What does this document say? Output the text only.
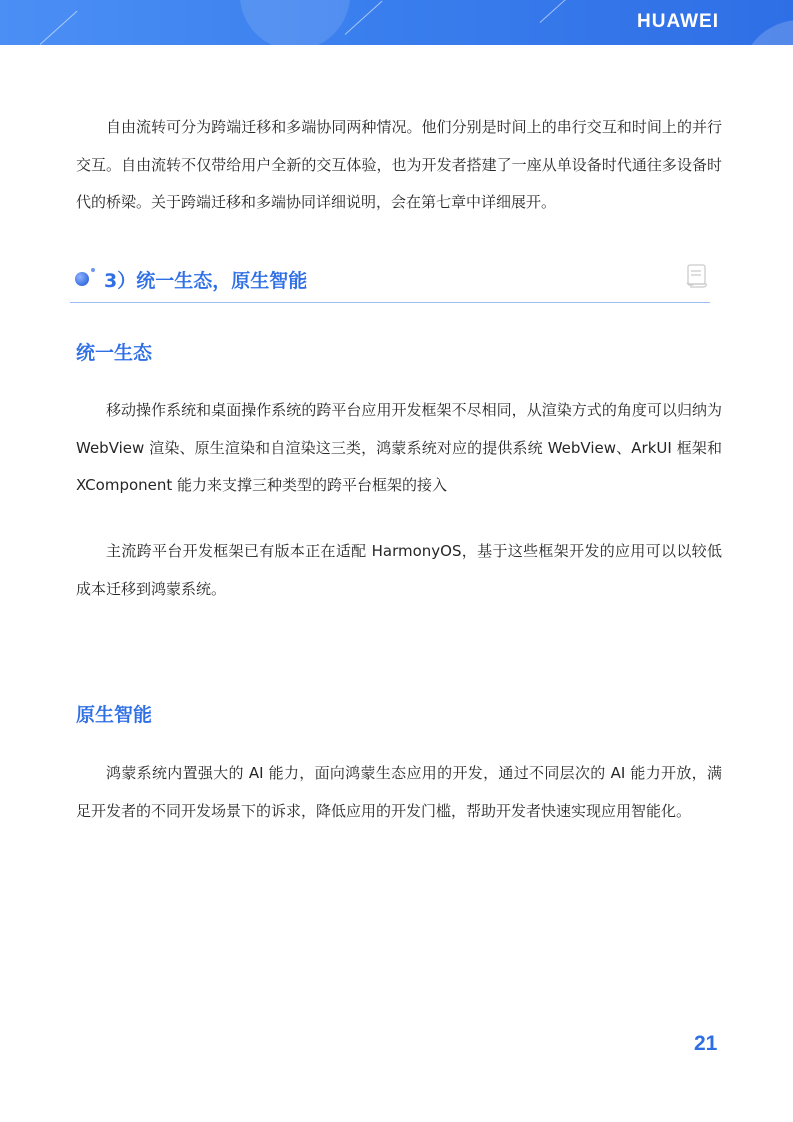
HUAWEI

自由流转可分为跨端迁移和多端协同两种情况。他们分别是时间上的串行交互和时间上的并行交互。自由流转不仅带给用户全新的交互体验，也为开发者搭建了一座从单设备时代通往多设备时代的桥梁。关于跨端迁移和多端协同详细说明，会在第七章中详细展开。

3）统一生态，原生智能
统一生态

移动操作系统和桌面操作系统的跨平台应用开发框架不尽相同，从渲染方式的角度可以归纳为 WebView 渲染、原生渲染和自渲染这三类，鸿蒙系统对应的提供系统 WebView、ArkUI 框架和 XComponent 能力来支撑三种类型的跨平台框架的接入

主流跨平台开发框架已有版本正在适配 HarmonyOS，基于这些框架开发的应用可以以较低成本迁移到鸿蒙系统。

原生智能

鸿蒙系统内置强大的 AI 能力，面向鸿蒙生态应用的开发，通过不同层次的 AI 能力开放，满足开发者的不同开发场景下的诉求，降低应用的开发门槛，帮助开发者快速实现应用智能化。

21
